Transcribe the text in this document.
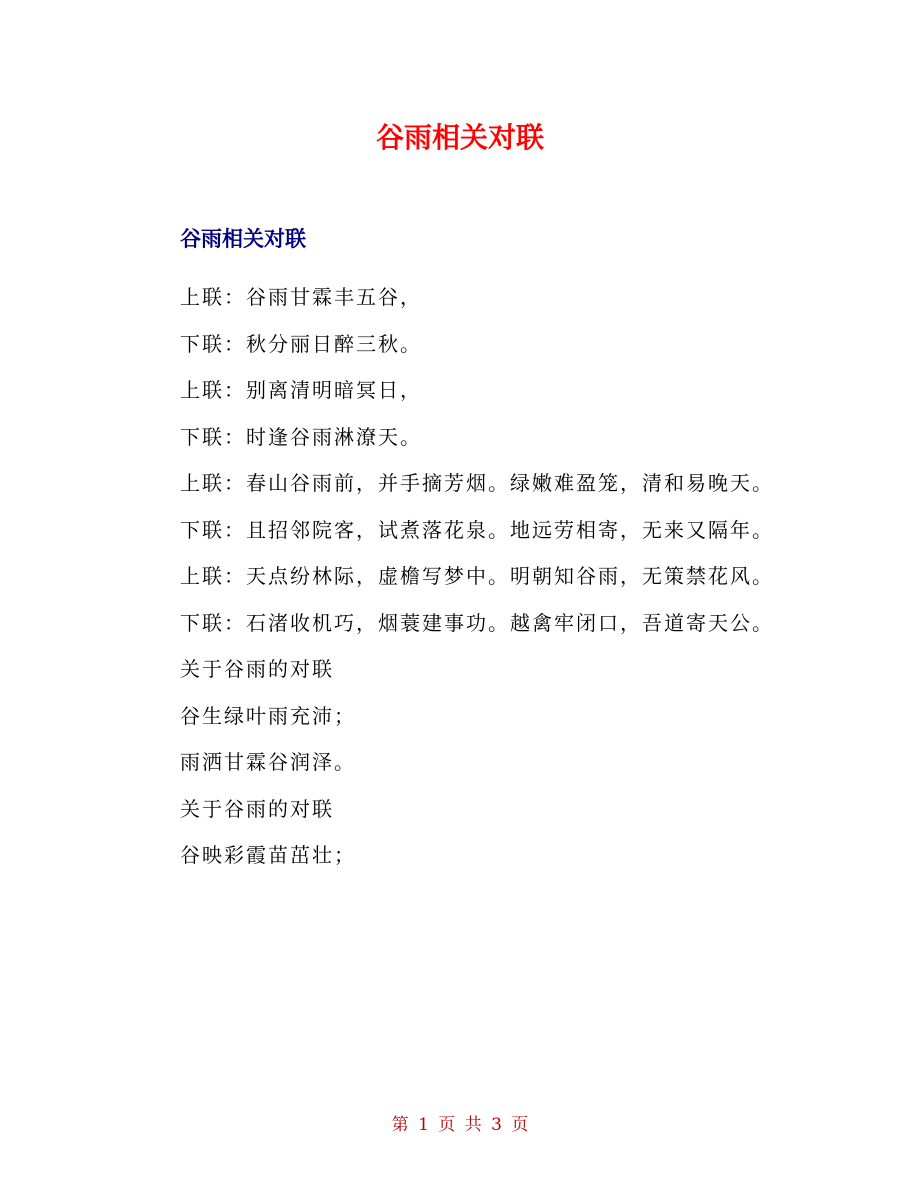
谷雨相关对联
谷雨相关对联

上联：谷雨甘霖丰五谷，

下联：秋分丽日醉三秋。

上联：别离清明暗冥日，

下联：时逢谷雨淋潦天。

上联：春山谷雨前，并手摘芳烟。绿嫩难盈笼，清和易晚天。

下联：且招邻院客，试煮落花泉。地远劳相寄，无来又隔年。

上联：天点纷林际，虚檐写梦中。明朝知谷雨，无策禁花风。

下联：石渚收机巧，烟蓑建事功。越禽牢闭口，吾道寄天公。

关于谷雨的对联

谷生绿叶雨充沛；

雨洒甘霖谷润泽。

关于谷雨的对联

谷映彩霞苗茁壮；

第 1 页 共 3 页
